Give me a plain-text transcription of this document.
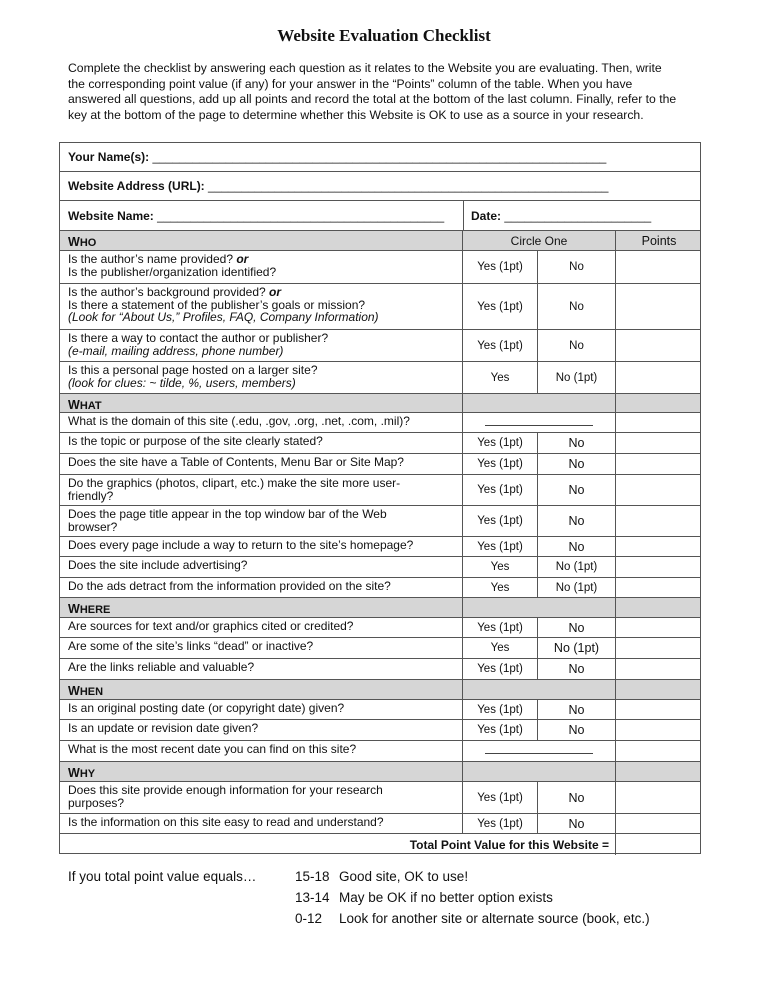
Website Evaluation Checklist
Complete the checklist by answering each question as it relates to the Website you are evaluating. Then, write
the corresponding point value (if any) for your answer in the “Points” column of the table. When you have
answered all questions, add up all points and record the total at the bottom of the last column. Finally, refer to the
key at the bottom of the page to determine whether this Website is OK to use as a source in your research.
Your Name(s):
____________________________________________________________________
Website Address (URL):
____________________________________________________________
Website Name:
___________________________________________ Date:
______________________
WHO	Circle One	Points
Is the author’s name provided? or
Is the publisher/organization identified?	Yes (1pt)	No
Is the author’s background provided? or
Is there a statement of the publisher’s goals or mission?
(Look for “About Us,” Profiles, FAQ, Company Information)
Yes (1pt)	No
Is there a way to contact the author or publisher?
(e-mail, mailing address, phone number)	Yes (1pt)	No
Is this a personal page hosted on a larger site?
(look for clues: ~ tilde, %, users, members)	Yes	No (1pt)
WHAT
What is the domain of this site (.edu, .gov, .org, .net, .com, .mil)?
Is the topic or purpose of the site clearly stated?	Yes (1pt)	No
Does the site have a Table of Contents, Menu Bar or Site Map?	Yes (1pt)	No
Do the graphics (photos, clipart, etc.) make the site more user-
friendly?	Yes (1pt)	No
Does the page title appear in the top window bar of the Web
browser?	Yes (1pt)	No
Does every page include a way to return to the site’s homepage?	Yes (1pt)	No
Does the site include advertising?	Yes	No (1pt)
Do the ads detract from the information provided on the site?	Yes	No (1pt)
WHERE
Are sources for text and/or graphics cited or credited?	Yes (1pt)	No
Are some of the site’s links “dead” or inactive?	Yes	No (1pt)
Are the links reliable and valuable?	Yes (1pt)	No
WHEN
Is an original posting date (or copyright date) given?	Yes (1pt)	No
Is an update or revision date given?	Yes (1pt)	No
What is the most recent date you can find on this site?
WHY
Does this site provide enough information for your research
purposes?	Yes (1pt)	No
Is the information on this site easy to read and understand?	Yes (1pt)	No
Total Point Value for this Website =
If you total point value equals…	15-18 Good site, OK to use!
13-14 May be OK if no better option exists
0-12 Look for another site or alternate source (book, etc.)
